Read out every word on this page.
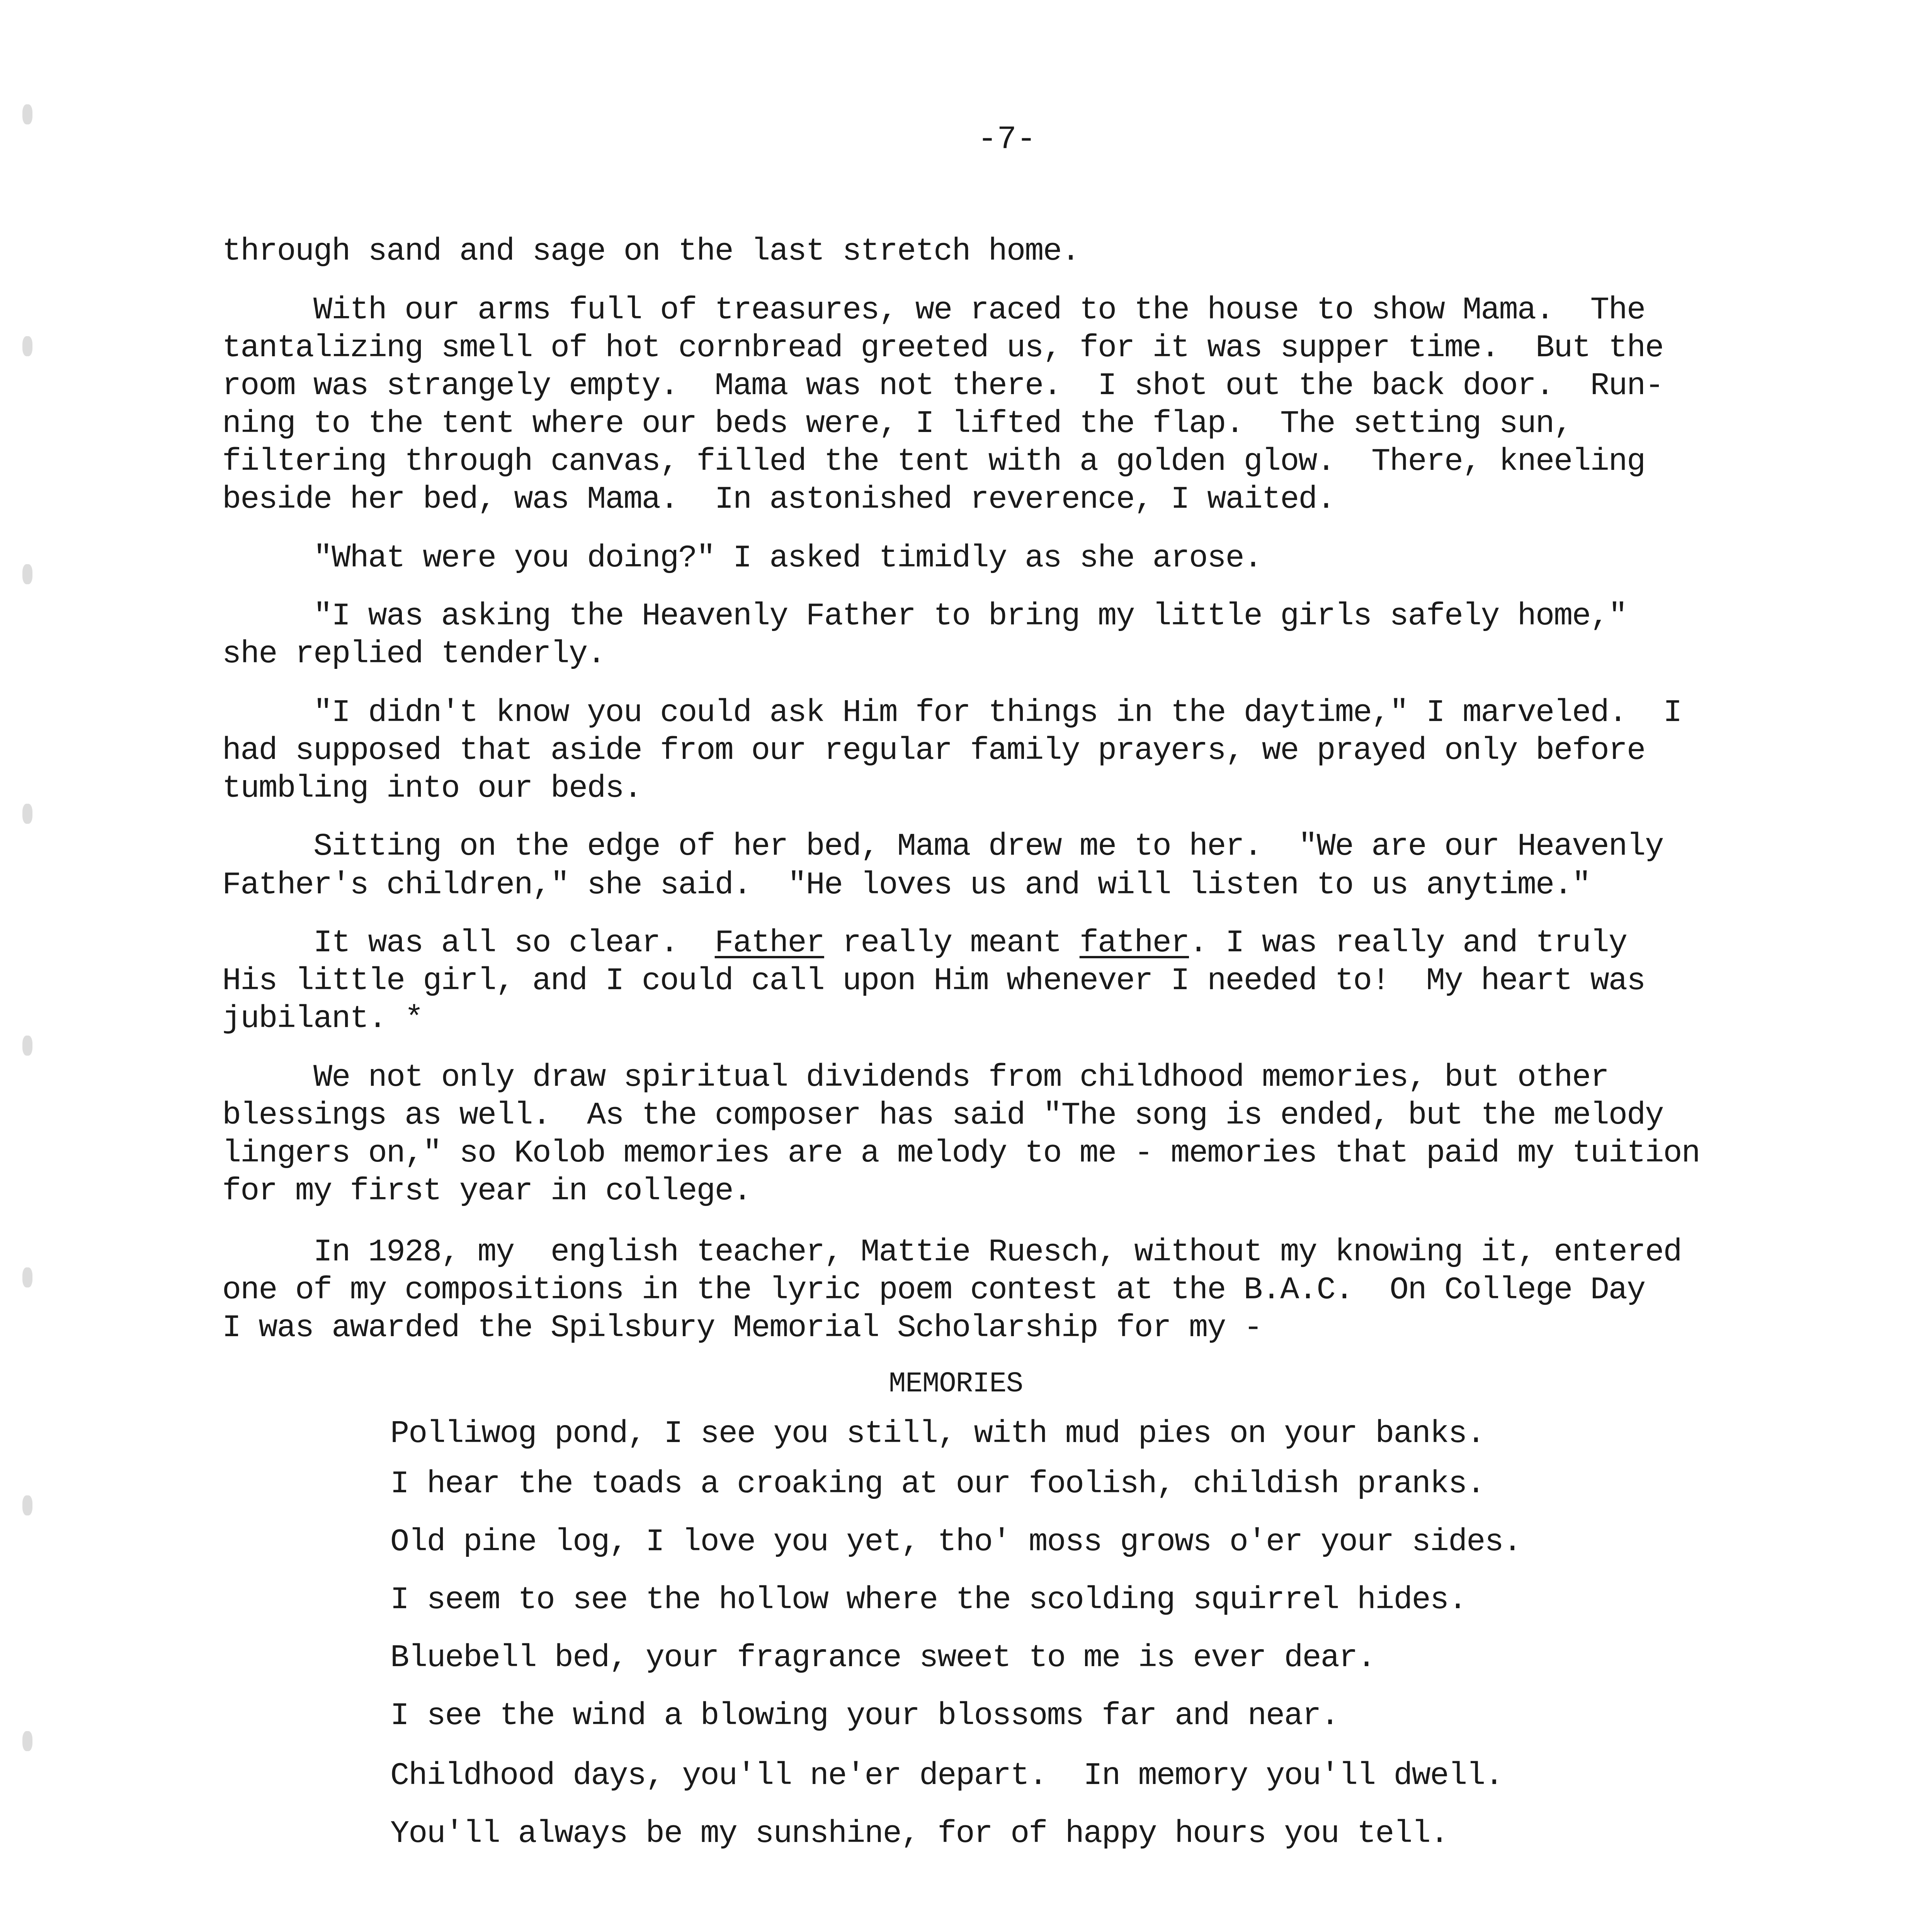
-7-
through sand and sage on the last stretch home.
With our arms full of treasures, we raced to the house to show Mama.  The
tantalizing smell of hot cornbread greeted us, for it was supper time.  But the
room was strangely empty.  Mama was not there.  I shot out the back door.  Run-
ning to the tent where our beds were, I lifted the flap.  The setting sun,
filtering through canvas, filled the tent with a golden glow.  There, kneeling
beside her bed, was Mama.  In astonished reverence, I waited.
"What were you doing?" I asked timidly as she arose.
"I was asking the Heavenly Father to bring my little girls safely home,"
she replied tenderly.
"I didn't know you could ask Him for things in the daytime," I marveled.  I
had supposed that aside from our regular family prayers, we prayed only before
tumbling into our beds.
Sitting on the edge of her bed, Mama drew me to her.  "We are our Heavenly
Father's children," she said.  "He loves us and will listen to us anytime."
It was all so clear.  Father really meant father. I was really and truly
His little girl, and I could call upon Him whenever I needed to!  My heart was
jubilant. *
We not only draw spiritual dividends from childhood memories, but other
blessings as well.  As the composer has said "The song is ended, but the melody
lingers on," so Kolob memories are a melody to me - memories that paid my tuition
for my first year in college.
In 1928, my  english teacher, Mattie Ruesch, without my knowing it, entered
one of my compositions in the lyric poem contest at the B.A.C.  On College Day
I was awarded the Spilsbury Memorial Scholarship for my -
MEMORIES
Polliwog pond, I see you still, with mud pies on your banks.
I hear the toads a croaking at our foolish, childish pranks.
Old pine log, I love you yet, tho' moss grows o'er your sides.
I seem to see the hollow where the scolding squirrel hides.
Bluebell bed, your fragrance sweet to me is ever dear.
I see the wind a blowing your blossoms far and near.
Childhood days, you'll ne'er depart.  In memory you'll dwell.
You'll always be my sunshine, for of happy hours you tell.
